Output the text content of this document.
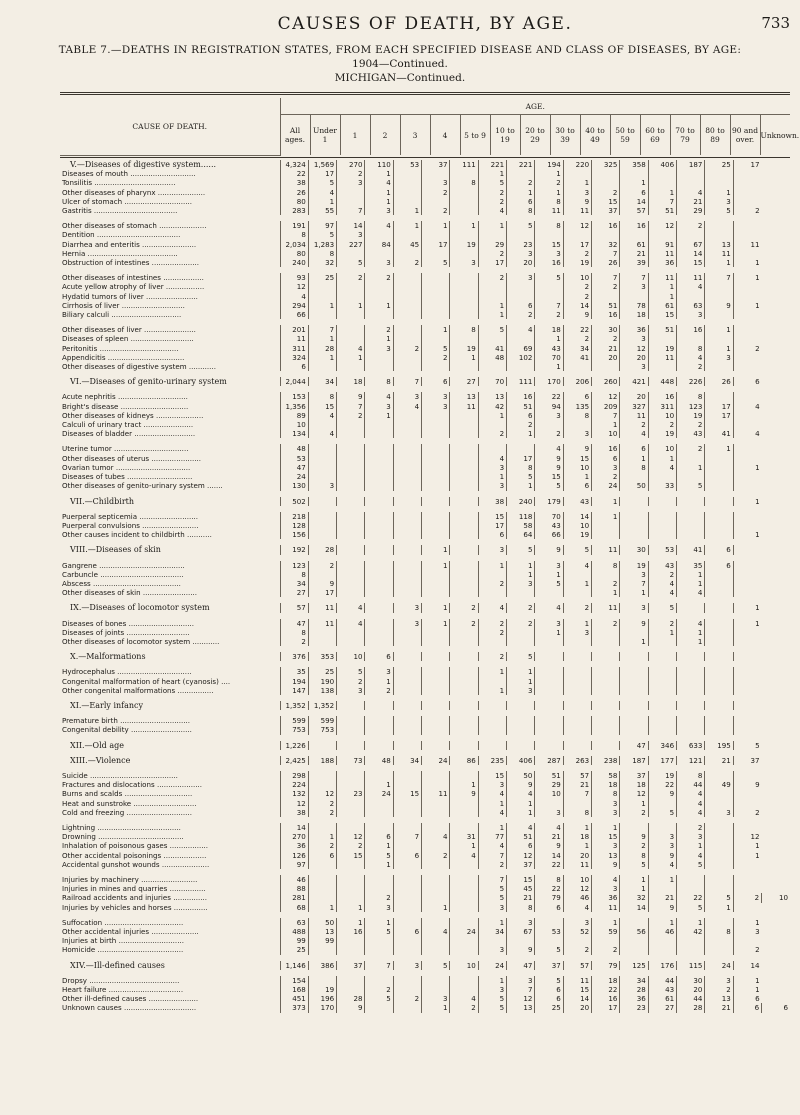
CAUSES OF DEATH, BY AGE.	733
TABLE 7.—DEATHS IN REGISTRATION STATES, FROM EACH SPECIFIED DISEASE AND CLASS OF DISEASES, BY AGE:
1904—Continued.
MICHIGAN—Continued.
CAUSE OF DEATH.	AGE.																
	All ages.	Under 1	1	2	3	4	5 to 9	10 to 19	20 to 29	30 to 39	40 to 49	50 to 59	60 to 69	70 to 79	80 to 89	90 and over.	Unknown.
V.—Diseases of digestive system......	4,324	1,569	270	110	53	37	111	221	221	194	220	325	358	406	187	25	17	
Diseases of mouth .............................	22	17	2	1				1		1								
Tonsilitis ....................................	38	5	3	4		3	8	5	2	2	1		1					
Other diseases of pharynx .....................	26	4		1		2		2	1	1	3	2	6	1	4	1		
Ulcer of stomach ..............................	80	1		1				2	6	8	9	15	14	7	21	3		
Gastritis .....................................	283	55	7	3	1	2		4	8	11	11	37	57	51	29	5	2	

Other diseases of stomach .....................	191	97	14	4	1	1	1	1	5	8	12	16	16	12	2			
Dentition .....................................	8	5	3															
Diarrhea and enteritis ........................	2,034	1,283	227	84	45	17	19	29	23	15	17	32	61	91	67	13	11	
Hernia ........................................	80	8						2	3	3	2	7	21	11	14	11		
Obstruction of intestines .....................	240	32	5	3	2	5	3	17	20	16	19	26	39	36	15	1	1	

Other diseases of intestines ..................	93	25	2	2				2	3	5	10	7	7	11	11	7	1	
Acute yellow atrophy of liver .................	12										2	2	3	1	4			
Hydatid tumors of liver .......................	4										2			1				
Cirrhosis of liver ............................	294	1	1	1				1	6	7	14	51	78	61	63	9	1	
Biliary calculi ...............................	66							1	2	2	9	16	18	15	3			

Other diseases of liver .......................	201	7		2		1	8	5	4	18	22	30	36	51	16	1		
Diseases of spleen ............................	11	1		1						1	2	2	3					
Peritonitis ...................................	311	28	4	3	2	5	19	41	69	43	34	21	12	19	8	1	2	
Appendicitis ..................................	324	1	1			2	1	48	102	70	41	20	20	11	4	3		
Other diseases of digestive system ............	6									1			3		2			

VI.—Diseases of genito-urinary system	2,044	34	18	8	7	6	27	70	111	170	206	260	421	448	226	26	6	

Acute nephritis ...............................	153	8	9	4	3	3	13	13	16	22	6	12	20	16	8			
Bright's disease ..............................	1,356	15	7	3	4	3	11	42	51	94	135	209	327	311	123	17	4	
Other diseases of kidneys .....................	89	4	2	1				1	6	3	8	7	11	10	19	17		
Calculi of urinary tract ......................	10								2			1	2	2	2			
Diseases of bladder ...........................	134	4						2	1	2	3	10	4	19	43	41	4	

Uterine tumor .................................	48									4	9	16	6	10	2	1		
Other diseases of uterus ......................	53							4	17	9	15	6	1	1				
Ovarian tumor .................................	47							3	8	9	10	3	8	4	1		1	
Diseases of tubes .............................	24							1	5	15	1	2						
Other diseases of genito-urinary system .......	130	3						3	1	5	6	24	50	33	5			

VII.—Childbirth	502							38	240	179	43	1					1	

Puerperal septicemia ..........................	218							15	118	70	14	1						
Puerperal convulsions .........................	128							17	58	43	10							
Other causes incident to childbirth ...........	156							6	64	66	19						1	

VIII.—Diseases of skin	192	28				1		3	5	9	5	11	30	53	41	6		

Gangrene ......................................	123	2				1		1	1	3	4	8	19	43	35	6		
Carbuncle .....................................	8								1	1			3	2	1			
Abscess .......................................	34	9						2	3	5	1	2	7	4	1			
Other diseases of skin ........................	27	17										1	1	4	4			

IX.—Diseases of locomotor system	57	11	4		3	1	2	4	2	4	2	11	3	5			1	

Diseases of bones .............................	47	11	4		3	1	2	2	2	3	1	2	9	2	4		1	
Diseases of joints ............................	8							2		1	3			1	1			
Other diseases of locomotor system ............	2												1		1			

X.—Malformations	376	353	10	6				2	5									

Hydrocephalus .................................	35	25	5	3				1	1									
Congenital malformation of heart (cyanosis) ....	194	190	2	1					1									
Other congenital malformations ................	147	138	3	2				1	3									

XI.—Early infancy	1,352	1,352																

Premature birth ...............................	599	599																
Congenital debility ...........................	753	753																

XII.—Old age	1,226												47	346	633	195	5	

XIII.—Violence	2,425	188	73	48	34	24	86	235	406	287	263	238	187	177	121	21	37	

Suicide .......................................	298							15	50	51	57	58	37	19	8			
Fractures and dislocations ....................	224			1			1	3	9	29	21	18	18	22	44	49	9	
Burns and scalds ..............................	132	12	23	24	15	11	9	4	4	10	7	8	12	9	4			
Heat and sunstroke ............................	12	2						1	1			3	1		4			
Cold and freezing .............................	38	2						4	1	3	8	3	2	5	4	3	2	

Lightning .....................................	14							1	4	4	1	1			2			
Drowning ......................................	270	1	12	6	7	4	31	77	51	21	18	15	9	3	3		12	
Inhalation of poisonous gases .................	36	2	2	1			1	4	6	9	1	3	2	3	1		1	
Other accidental poisonings ...................	126	6	15	5	6	2	4	7	12	14	20	13	8	9	4		1	
Accidental gunshot wounds .....................	97			1				2	37	22	11	9	5	4	5			

Injuries by machinery .........................	46							7	15	8	10	4	1	1				
Injuries in mines and quarries ................	88							5	45	22	12	3	1					
Railroad accidents and injuries ...............	281			2				5	21	79	46	36	32	21	22	5	2	10
Injuries by vehicles and horses ...............	68	1	1	3		1		3	8	6	4	11	14	9	5	1		

Suffocation ...................................	63	50	1	1				1	3		3	1		1	1		1	
Other accidental injuries .....................	488	13	16	5	6	4	24	34	67	53	52	59	56	46	42	8	3	
Injuries at birth .............................	99	99																
Homicide ......................................	25							3	9	5	2	2					2	

XIV.—Ill-defined causes	1,146	386	37	7	3	5	10	24	47	37	57	79	125	176	115	24	14	

Dropsy ........................................	154							1	3	5	11	18	34	44	30	3	1	
Heart failure .................................	168	19		2				3	7	6	15	22	28	43	20	2	1	
Other ill-defined causes ......................	451	196	28	5	2	3	4	5	12	6	14	16	36	61	44	13	6	
Unknown causes ................................	373	170	9			1	2	5	13	25	20	17	23	27	28	21	6	6
